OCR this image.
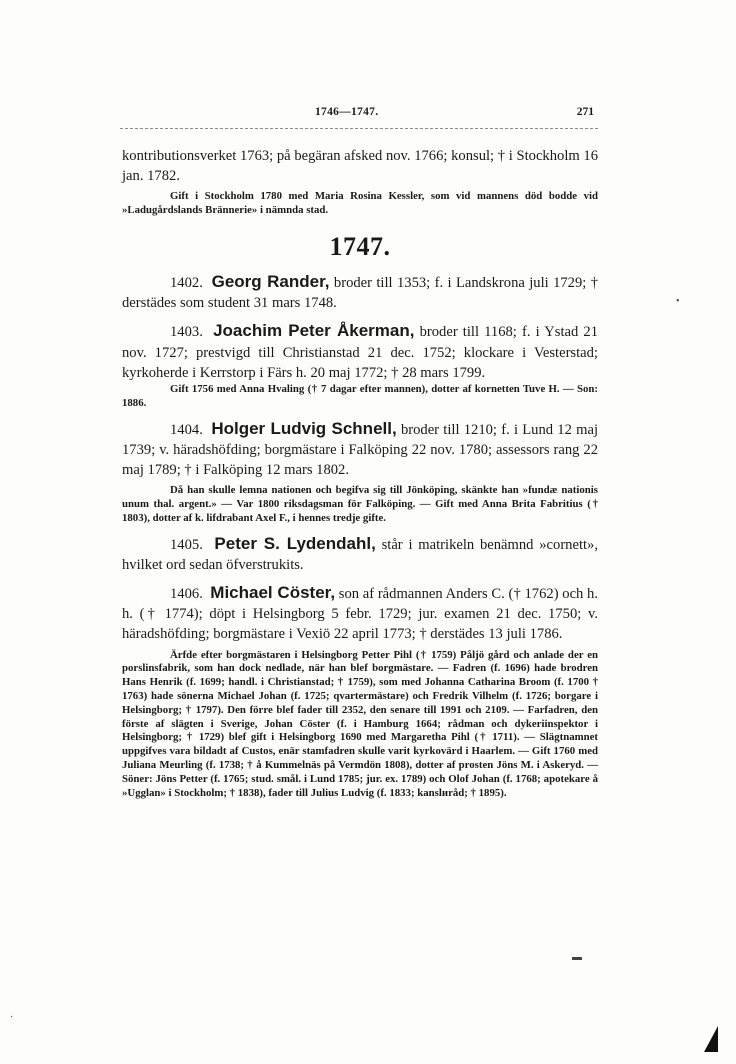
1746—1747.	271

kontributionsverket 1763; på begäran afsked nov. 1766; konsul; † i Stockholm 16 jan. 1782.

Gift i Stockholm 1780 med Maria Rosina Kessler, som vid mannens död bodde vid »Ladugårdslands Brännerie» i nämnda stad.

1747.

1402. Georg Rander, broder till 1353; f. i Landskrona juli 1729; † derstädes som student 31 mars 1748.

1403. Joachim Peter Åkerman, broder till 1168; f. i Ystad 21 nov. 1727; prestvigd till Christianstad 21 dec. 1752; klockare i Vesterstad; kyrkoherde i Kerrstorp i Färs h. 20 maj 1772; † 28 mars 1799.

Gift 1756 med Anna Hvaling († 7 dagar efter mannen), dotter af kornetten Tuve H. — Son: 1886.

1404. Holger Ludvig Schnell, broder till 1210; f. i Lund 12 maj 1739; v. häradshöfding; borgmästare i Falköping 22 nov. 1780; assessors rang 22 maj 1789; † i Falköping 12 mars 1802.

Då han skulle lemna nationen och begifva sig till Jönköping, skänkte han »fundæ nationis unum thal. argent.» — Var 1800 riksdagsman för Falköping. — Gift med Anna Brita Fabritius († 1803), dotter af k. lifdrabant Axel F., i hennes tredje gifte.

1405. Peter S. Lydendahl, står i matrikeln benämnd »cornett», hvilket ord sedan öfverstrukits.

1406. Michael Cöster, son af rådmannen Anders C. († 1762) och h. h. († 1774); döpt i Helsingborg 5 febr. 1729; jur. examen 21 dec. 1750; v. häradshöfding; borgmästare i Vexiö 22 april 1773; † derstädes 13 juli 1786.

Ärfde efter borgmästaren i Helsingborg Petter Pihl († 1759) Påljö gård och anlade der en porslinsfabrik, som han dock nedlade, när han blef borgmästare. — Fadren (f. 1696) hade brodren Hans Henrik (f. 1699; handl. i Christianstad; † 1759), som med Johanna Catharina Broom (f. 1700 † 1763) hade sönerna Michael Johan (f. 1725; qvartermästare) och Fredrik Vilhelm (f. 1726; borgare i Helsingborg; † 1797). Den förre blef fader till 2352, den senare till 1991 och 2109. — Farfadren, den förste af slägten i Sverige, Johan Cöster (f. i Hamburg 1664; rådman och dykeriinspektor i Helsingborg; † 1729) blef gift i Helsingborg 1690 med Margaretha Pihl († 1711). — Slägtnamnet uppgifves vara bildadt af Custos, enär stamfadren skulle varit kyrkovärd i Haarlem. — Gift 1760 med Juliana Meurling (f. 1738; † å Kummelnäs på Vermdön 1808), dotter af prosten Jöns M. i Askeryd. — Söner: Jöns Petter (f. 1765; stud. smål. i Lund 1785; jur. ex. 1789) och Olof Johan (f. 1768; apotekare å »Ugglan» i Stockholm; † 1838), fader till Julius Ludvig (f. 1833; kanslиråd; † 1895).

•
▬
·
